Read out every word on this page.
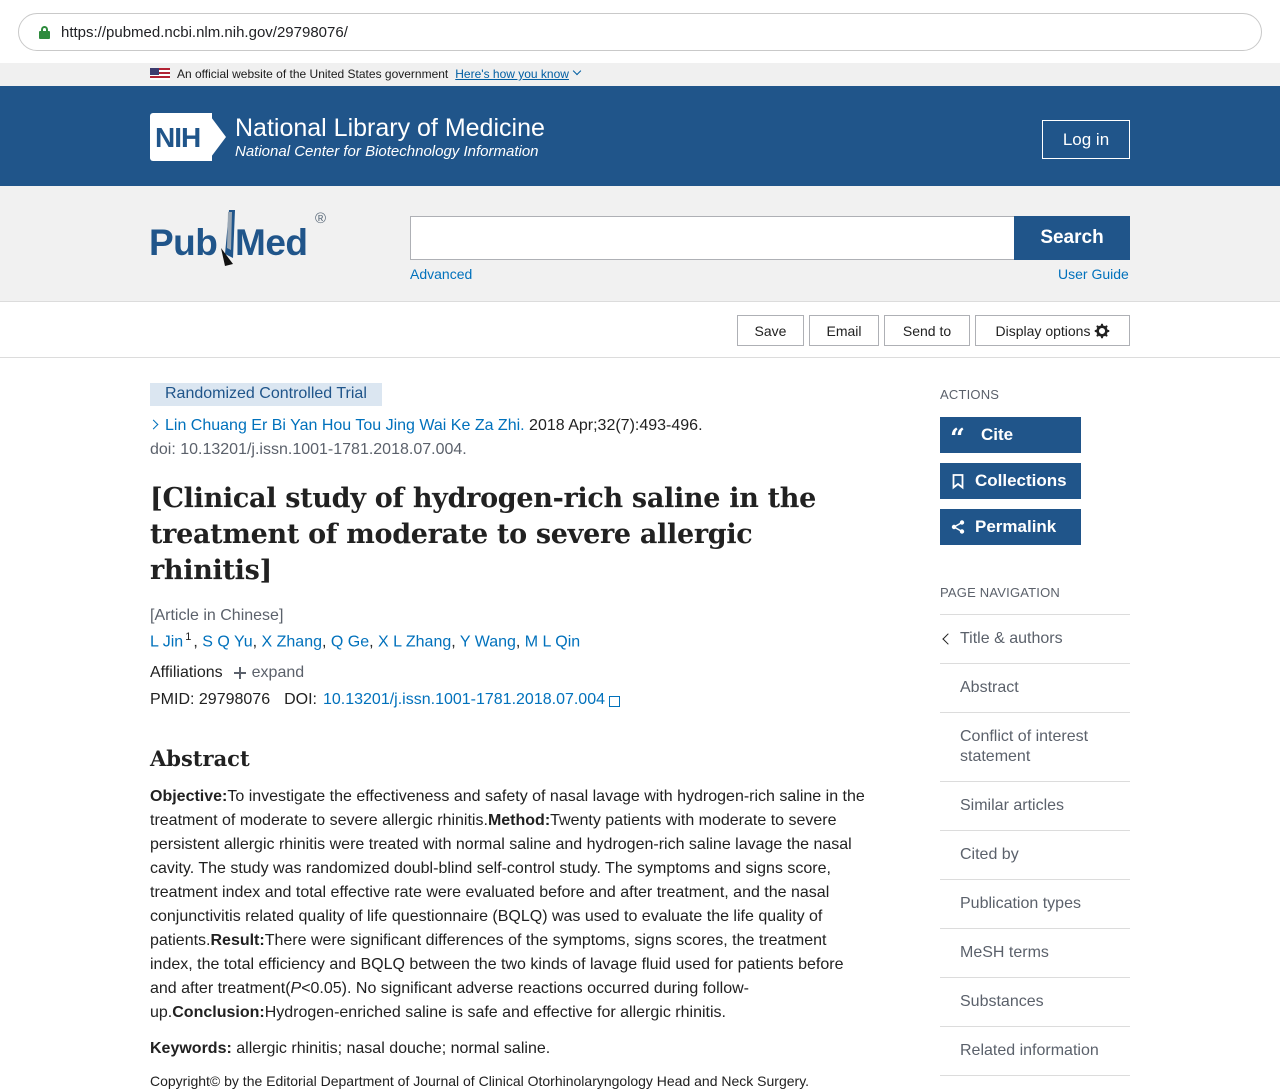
https://pubmed.ncbi.nlm.nih.gov/29798076/
An official website of the United States government Here's how you know
NIH National Library of Medicine
National Center for Biotechnology Information
Log in
Pub Med
®
Search
Advanced	User Guide
Save	Email	Send to	Display options
Randomized Controlled Trial
Lin Chuang Er Bi Yan Hou Tou Jing Wai Ke Za Zhi. 2018 Apr;32(7):493-496.
doi: 10.13201/j.issn.1001-1781.2018.07.004.
[Clinical study of hydrogen-rich saline in the treatment of moderate to severe allergic rhinitis]
[Article in Chinese]
L Jin $^1$ , S Q Yu, X Zhang, Q Ge, X L Zhang, Y Wang, M L Qin
Affiliations expand
PMID:
29798076 DOI: 10.13201/j.issn.1001-1781.2018.07.004
Abstract
Objective:To investigate the effectiveness and safety of nasal lavage with hydrogen-rich saline in the treatment of moderate to severe allergic rhinitis.Method:Twenty patients with moderate to severe persistent allergic rhinitis were treated with normal saline and hydrogen-rich saline lavage the nasal cavity. The study was randomized doubl-blind self-control study. The symptoms and signs score, treatment index and total effective rate were evaluated before and after treatment, and the nasal conjunctivitis related quality of life questionnaire (BQLQ) was used to evaluate the life quality of patients.Result:There were significant differences of the symptoms, signs scores, the treatment index, the total efficiency and BQLQ between the two kinds of lavage fluid used for patients before and after treatment(P<0.05). No significant adverse reactions occurred during follow-up.Conclusion:Hydrogen-enriched saline is safe and effective for allergic rhinitis.
Keywords: allergic rhinitis; nasal douche; normal saline.
Copyright© by the Editorial Department of Journal of Clinical Otorhinolaryngology Head and Neck Surgery.
ACTIONS
“ Cite
Collections
Permalink
PAGE NAVIGATION
Title & authors
Abstract
Conflict of interest statement
Similar articles
Cited by
Publication types
MeSH terms
Substances
Related information
